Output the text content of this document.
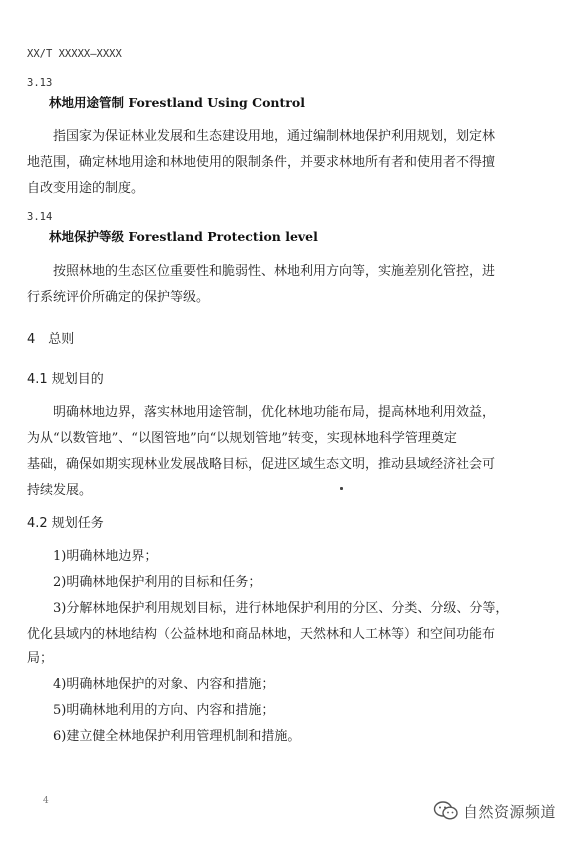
XX/T XXXXX—XXXX
3.13
林地用途管制 Forestland Using Control
指国家为保证林业发展和生态建设用地，通过编制林地保护利用规划，划定林
地范围，确定林地用途和林地使用的限制条件，并要求林地所有者和使用者不得擅
自改变用途的制度。
3.14
林地保护等级 Forestland Protection level
按照林地的生态区位重要性和脆弱性、林地利用方向等，实施差别化管控，进
行系统评价所确定的保护等级。
4　总则
4.1 规划目的
明确林地边界，落实林地用途管制，优化林地功能布局，提高林地利用效益，
为从“以数管地”、“以图管地”向“以规划管地”转变，实现林地科学管理奠定
基础，确保如期实现林业发展战略目标，促进区域生态文明，推动县域经济社会可
持续发展。
4.2 规划任务
1)明确林地边界；
2)明确林地保护利用的目标和任务；
3)分解林地保护利用规划目标，进行林地保护利用的分区、分类、分级、分等，
优化县域内的林地结构（公益林地和商品林地，天然林和人工林等）和空间功能布
局；
4)明确林地保护的对象、内容和措施；
5)明确林地利用的方向、内容和措施；
6)建立健全林地保护利用管理机制和措施。
4
自然资源频道
